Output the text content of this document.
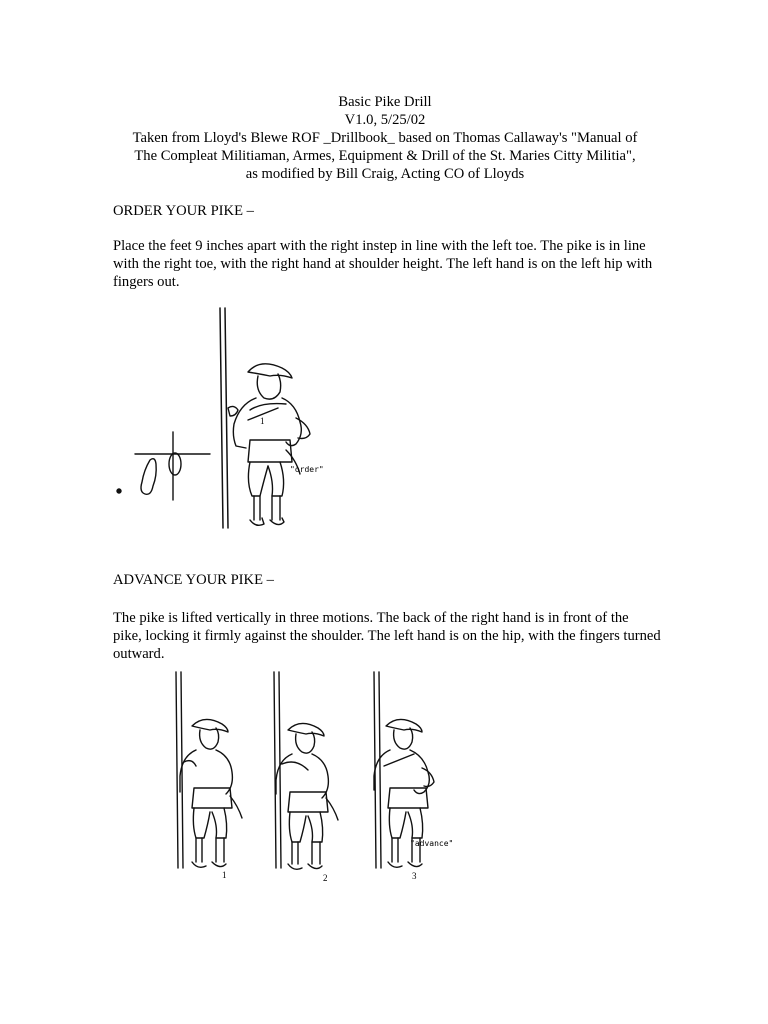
Basic Pike Drill
V1.0, 5/25/02
Taken from Lloyd's Blewe ROF _Drillbook_ based on Thomas Callaway's "Manual of
The Compleat Militiaman, Armes, Equipment & Drill of the St. Maries Citty Militia",
as modified by Bill Craig, Acting CO of Lloyds
ORDER YOUR PIKE –
Place the feet 9 inches apart with the right instep in line with the left toe. The pike is in line with the right toe, with the right hand at shoulder height. The left hand is on the left hip with fingers out.
1
"order"
ADVANCE YOUR PIKE –
The pike is lifted vertically in three motions. The back of the right hand is in front of the pike, locking it firmly against the shoulder. The left hand is on the hip, with the fingers turned outward.
1	2	3
"advance"
